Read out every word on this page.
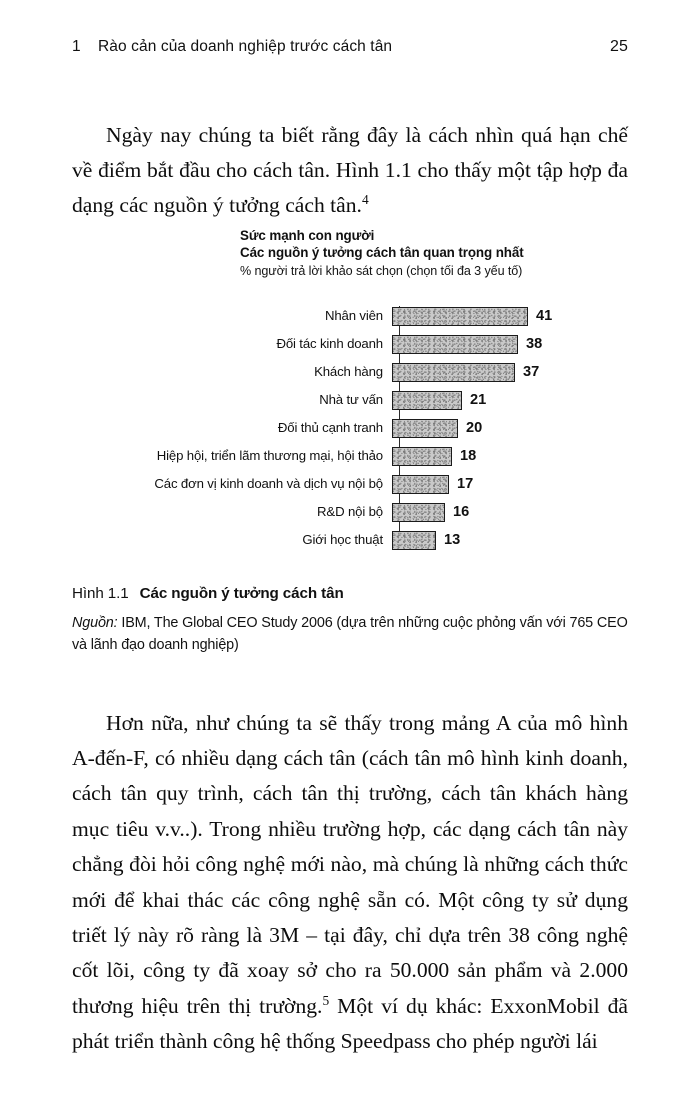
1	Rào cản của doanh nghiệp trước cách tân	25

Ngày nay chúng ta biết rằng đây là cách nhìn quá hạn chế về điểm bắt đầu cho cách tân. Hình 1.1 cho thấy một tập hợp đa dạng các nguồn ý tưởng cách tân.$^4$

Sức mạnh con người
Các nguồn ý tưởng cách tân quan trọng nhất
% người trả lời khảo sát chọn (chọn tối đa 3 yếu tố)
Nhân viên	41
Đối tác kinh doanh	38
Khách hàng	37
Nhà tư vấn	21
Đối thủ cạnh tranh	20
Hiệp hội, triển lãm thương mại, hội thảo	18
Các đơn vị kinh doanh và dịch vụ nội bộ	17
R&D nội bộ	16
Giới học thuật	13
Hình 1.1 Các nguồn ý tưởng cách tân
Nguồn: IBM, The Global CEO Study 2006 (dựa trên những cuộc phỏng vấn với 765 CEO và lãnh đạo doanh nghiệp)

Hơn nữa, như chúng ta sẽ thấy trong mảng A của mô hình A-đến-F, có nhiều dạng cách tân (cách tân mô hình kinh doanh, cách tân quy trình, cách tân thị trường, cách tân khách hàng mục tiêu v.v..). Trong nhiều trường hợp, các dạng cách tân này chẳng đòi hỏi công nghệ mới nào, mà chúng là những cách thức mới để khai thác các công nghệ sẵn có. Một công ty sử dụng triết lý này rõ ràng là 3M – tại đây, chỉ dựa trên 38 công nghệ cốt lõi, công ty đã xoay sở cho ra 50.000 sản phẩm và 2.000 thương hiệu trên thị trường.$^5$ Một ví dụ khác: ExxonMobil đã phát triển thành công hệ thống Speedpass cho phép người lái
